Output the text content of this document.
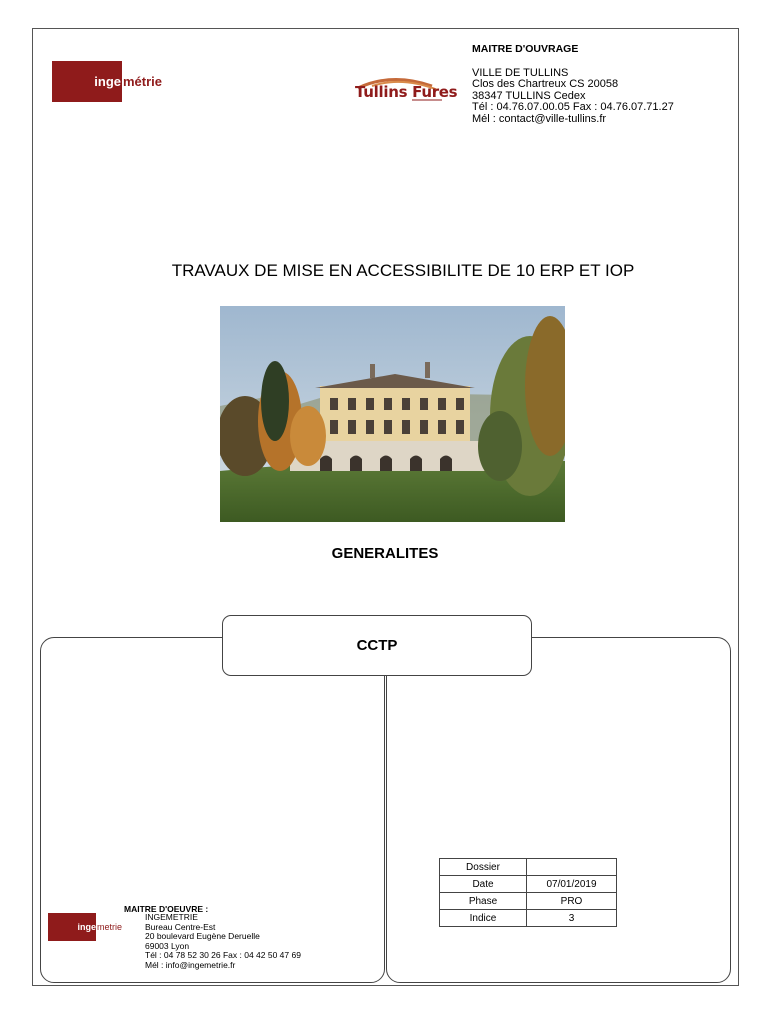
inge métrie
Tullins Fures
MAITRE D'OUVRAGE
VILLE DE TULLINS
Clos des Chartreux CS 20058
38347 TULLINS Cedex
Tél : 04.76.07.00.05 Fax : 04.76.07.71.27
Mél : contact@ville-tullins.fr
TRAVAUX DE MISE EN ACCESSIBILITE DE 10 ERP ET IOP
GENERALITES
CCTP
Dossier	
Date	07/01/2019
Phase	PRO
Indice	3
inge metrie
MAITRE D'OEUVRE :
INGEMETRIE
Bureau Centre-Est
20 boulevard Eugène Deruelle
69003 Lyon
Tél : 04 78 52 30 26 Fax : 04 42 50 47 69
Mél : info@ingemetrie.fr
